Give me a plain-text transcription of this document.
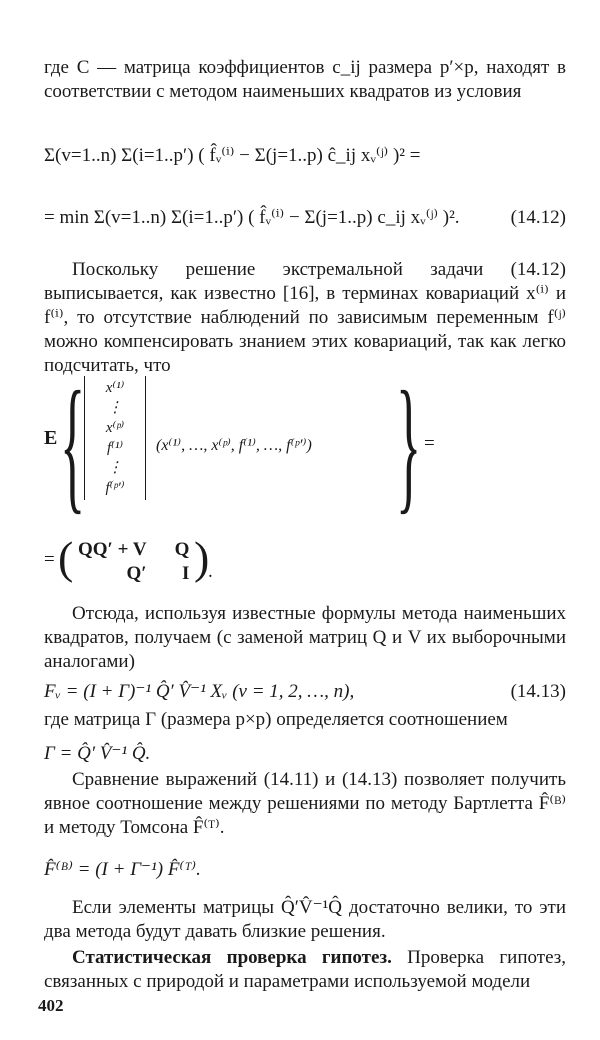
где C — матрица коэффициентов c_ij размера p′×p, находят в соответствии с методом наименьших квадратов из условия

Σ(v=1..n) Σ(i=1..p′) ( f̂ᵥ⁽ⁱ⁾ − Σ(j=1..p) ĉ_ij xᵥ⁽ʲ⁾ )² =
= min Σ(v=1..n) Σ(i=1..p′) ( f̂ᵥ⁽ⁱ⁾ − Σ(j=1..p) c_ij xᵥ⁽ʲ⁾ )².	(14.12)

Поскольку решение экстремальной задачи (14.12) выписывается, как известно [16], в терминах ковариаций x⁽ⁱ⁾ и f⁽ⁱ⁾, то отсутствие наблюдений по зависимым переменным f⁽ʲ⁾ можно компенсировать знанием этих ковариаций, так как легко подсчитать, что

E {	x⁽¹⁾
⋮
x⁽ᵖ⁾
f⁽¹⁾
⋮
f⁽ᵖ′⁾
(x⁽¹⁾, …, x⁽ᵖ⁾, f⁽¹⁾, …, f⁽ᵖ′⁾) } =
= ( QQ′ + V Q
Q′	I )
.

Отсюда, используя известные формулы метода наименьших квадратов, получаем (с заменой матриц Q и V их выборочными аналогами)

Fᵥ = (I + Γ)⁻¹ Q̂′ V̂⁻¹ Xᵥ (v = 1, 2, …, n),	(14.13)

где матрица Γ (размера p×p) определяется соотношением

Γ = Q̂′ V̂⁻¹ Q̂.

Сравнение выражений (14.11) и (14.13) позволяет получить явное соотношение между решениями по методу Бартлетта F̂⁽ᴮ⁾ и методу Томсона F̂⁽ᵀ⁾.

F̂⁽ᴮ⁾ = (I + Γ⁻¹) F̂⁽ᵀ⁾.

Если элементы матрицы Q̂′V̂⁻¹Q̂ достаточно велики, то эти два метода будут давать близкие решения.

Статистическая проверка гипотез. Проверка гипотез, связанных с природой и параметрами используемой модели

402
